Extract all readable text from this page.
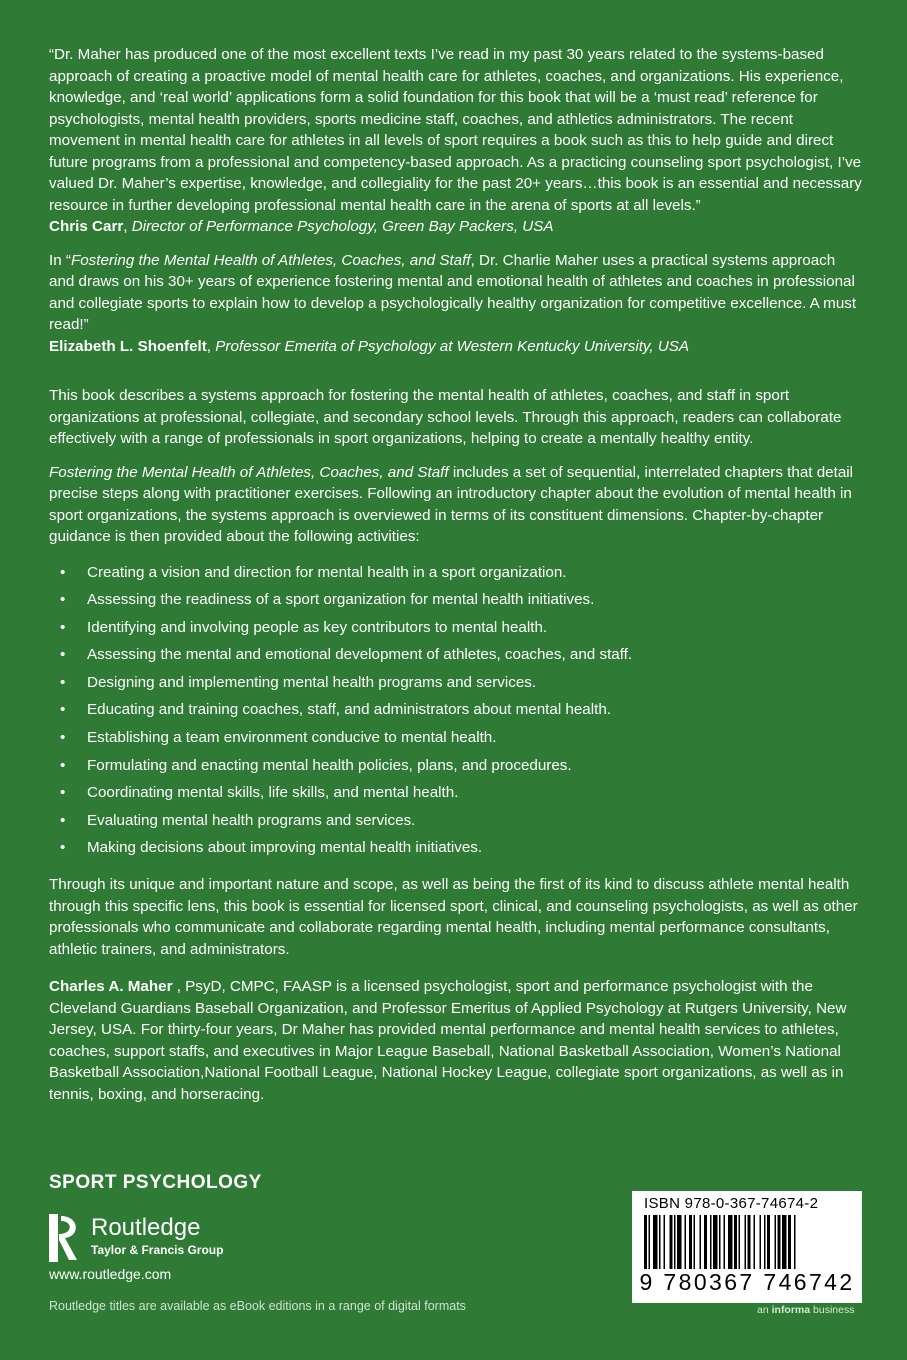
“Dr. Maher has produced one of the most excellent texts I’ve read in my past 30 years related to the systems-based approach of creating a proactive model of mental health care for athletes, coaches, and organizations. His experience, knowledge, and ‘real world’ applications form a solid foundation for this book that will be a ‘must read’ reference for psychologists, mental health providers, sports medicine staff, coaches, and athletics administrators. The recent movement in mental health care for athletes in all levels of sport requires a book such as this to help guide and direct future programs from a professional and competency-based approach. As a practicing counseling sport psychologist, I’ve valued Dr. Maher’s expertise, knowledge, and collegiality for the past 20+ years…this book is an essential and necessary resource in further developing professional mental health care in the arena of sports at all levels.”

Chris Carr, Director of Performance Psychology, Green Bay Packers, USA

In “Fostering the Mental Health of Athletes, Coaches, and Staff, Dr. Charlie Maher uses a practical systems approach and draws on his 30+ years of experience fostering mental and emotional health of athletes and coaches in professional and collegiate sports to explain how to develop a psychologically healthy organization for competitive excellence. A must read!”

Elizabeth L. Shoenfelt, Professor Emerita of Psychology at Western Kentucky University, USA

This book describes a systems approach for fostering the mental health of athletes, coaches, and staff in sport organizations at professional, collegiate, and secondary school levels. Through this approach, readers can collaborate effectively with a range of professionals in sport organizations, helping to create a mentally healthy entity.

Fostering the Mental Health of Athletes, Coaches, and Staff includes a set of sequential, interrelated chapters that detail precise steps along with practitioner exercises. Following an introductory chapter about the evolution of mental health in sport organizations, the systems approach is overviewed in terms of its constituent dimensions. Chapter-by-chapter guidance is then provided about the following activities:

• Creating a vision and direction for mental health in a sport organization.
• Assessing the readiness of a sport organization for mental health initiatives.
• Identifying and involving people as key contributors to mental health.
• Assessing the mental and emotional development of athletes, coaches, and staff.
• Designing and implementing mental health programs and services.
• Educating and training coaches, staff, and administrators about mental health.
• Establishing a team environment conducive to mental health.
• Formulating and enacting mental health policies, plans, and procedures.
• Coordinating mental skills, life skills, and mental health.
• Evaluating mental health programs and services.
• Making decisions about improving mental health initiatives.

Through its unique and important nature and scope, as well as being the first of its kind to discuss athlete mental health through this specific lens, this book is essential for licensed sport, clinical, and counseling psychologists, as well as other professionals who communicate and collaborate regarding mental health, including mental performance consultants, athletic trainers, and administrators.

Charles A. Maher , PsyD, CMPC, FAASP is a licensed psychologist, sport and performance psychologist with the Cleveland Guardians Baseball Organization, and Professor Emeritus of Applied Psychology at Rutgers University, New Jersey, USA. For thirty-four years, Dr Maher has provided mental performance and mental health services to athletes, coaches, support staffs, and executives in Major League Baseball, National Basketball Association, Women’s National Basketball Association,National Football League, National Hockey League, collegiate sport organizations, as well as in tennis, boxing, and horseracing.

SPORT PSYCHOLOGY
Routledge
Taylor & Francis Group
www.routledge.com
Routledge titles are available as eBook editions in a range of digital formats
ISBN 978-0-367-74674-2
9 780367 746742
an informa business
